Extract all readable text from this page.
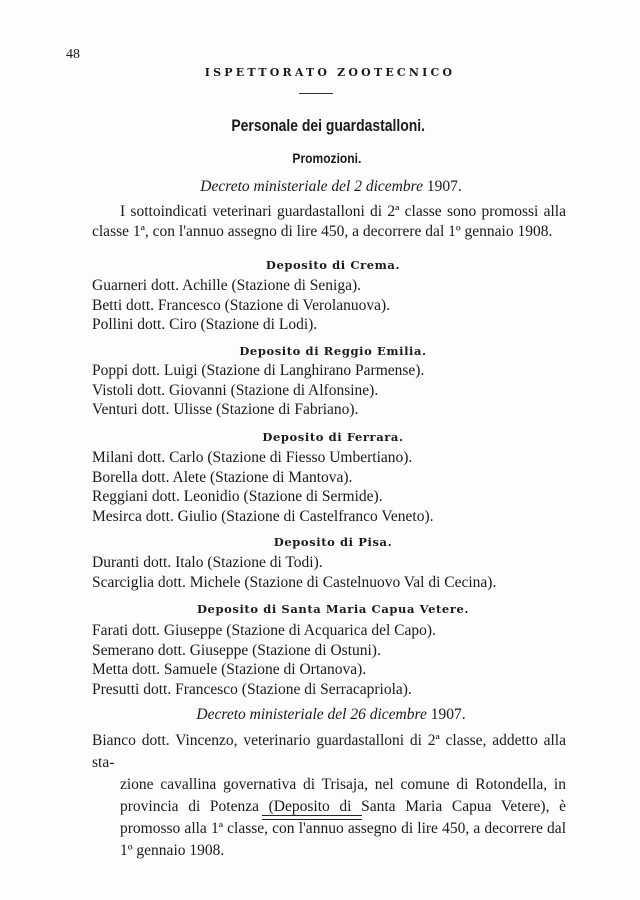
48
ISPETTORATO ZOOTECNICO
Personale dei guardastalloni.
Promozioni.
Decreto ministeriale del 2 dicembre 1907.
I sottoindicati veterinari guardastalloni di 2ª classe sono promossi alla classe 1ª, con l'annuo assegno di lire 450, a decorrere dal 1º gennaio 1908.
Deposito di Crema.
Guarneri dott. Achille (Stazione di Seniga).
Betti dott. Francesco (Stazione di Verolanuova).
Pollini dott. Ciro (Stazione di Lodi).
Deposito di Reggio Emilia.
Poppi dott. Luigi (Stazione di Langhirano Parmense).
Vistoli dott. Giovanni (Stazione di Alfonsine).
Venturi dott. Ulisse (Stazione di Fabriano).
Deposito di Ferrara.
Milani dott. Carlo (Stazione di Fiesso Umbertiano).
Borella dott. Alete (Stazione di Mantova).
Reggiani dott. Leonidio (Stazione di Sermide).
Mesirca dott. Giulio (Stazione di Castelfranco Veneto).
Deposito di Pisa.
Duranti dott. Italo (Stazione di Todi).
Scarciglia dott. Michele (Stazione di Castelnuovo Val di Cecina).
Deposito di Santa Maria Capua Vetere.
Farati dott. Giuseppe (Stazione di Acquarica del Capo).
Semerano dott. Giuseppe (Stazione di Ostuni).
Metta dott. Samuele (Stazione di Ortanova).
Presutti dott. Francesco (Stazione di Serracapriola).
Decreto ministeriale del 26 dicembre 1907.
Bianco dott. Vincenzo, veterinario guardastalloni di 2ª classe, addetto alla sta-
zione cavallina governativa di Trisaja, nel comune di Rotondella, in provincia di Potenza (Deposito di Santa Maria Capua Vetere), è promosso alla 1ª classe, con l'annuo assegno di lire 450, a decorrere dal 1º gennaio 1908.
